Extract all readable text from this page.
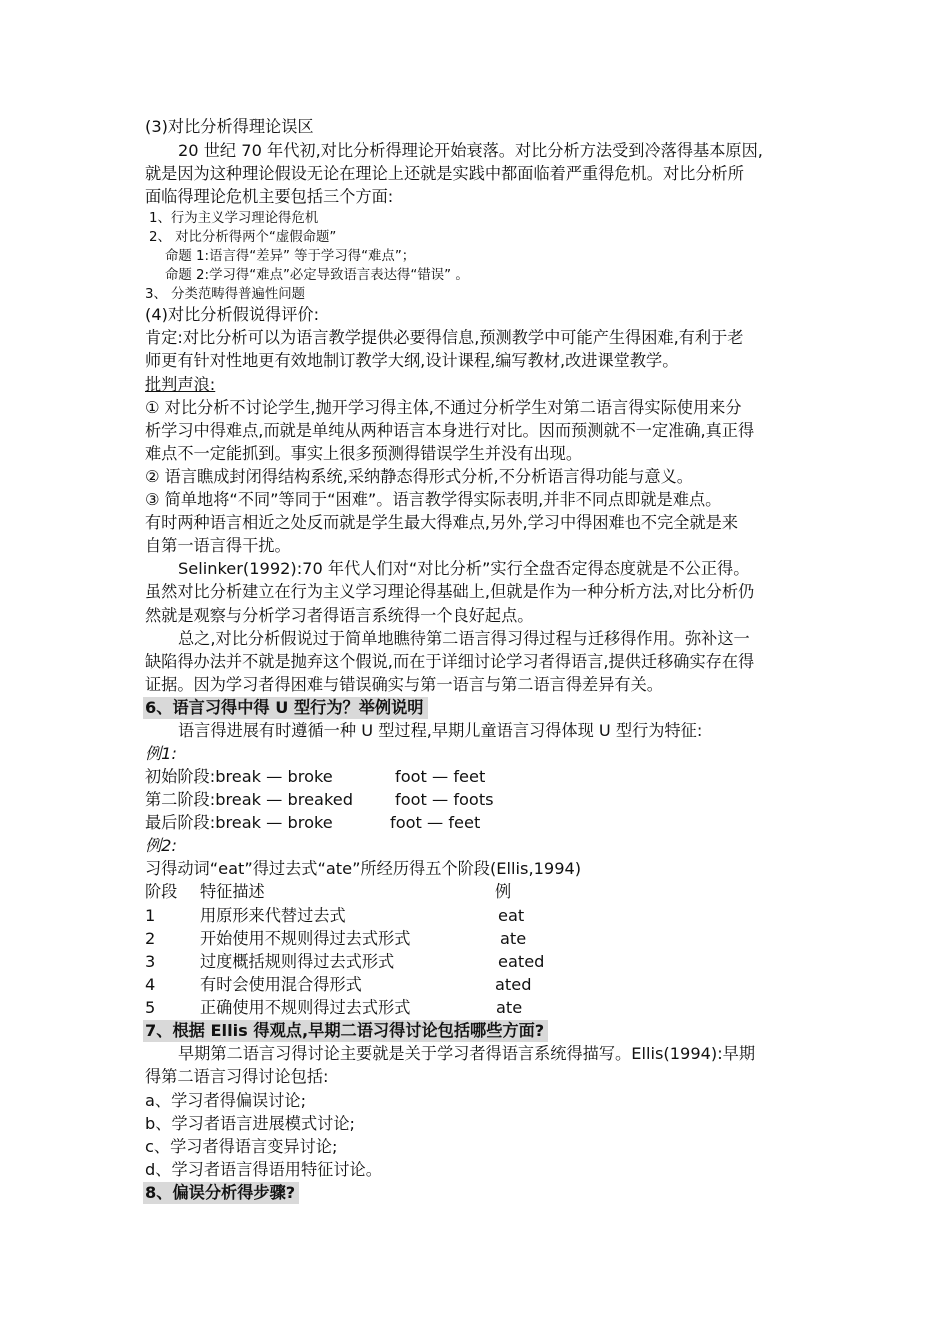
(3)对比分析得理论误区
20 世纪 70 年代初,对比分析得理论开始衰落。对比分析方法受到冷落得基本原因,
就是因为这种理论假设无论在理论上还就是实践中都面临着严重得危机。对比分析所
面临得理论危机主要包括三个方面:
1、行为主义学习理论得危机
2、 对比分析得两个“虚假命题”
命题 1:语言得“差异” 等于学习得“难点”；
命题 2:学习得“难点”必定导致语言表达得“错误” 。
3、 分类范畴得普遍性问题
(4)对比分析假说得评价:
肯定:对比分析可以为语言教学提供必要得信息,预测教学中可能产生得困难,有利于老
师更有针对性地更有效地制订教学大纲,设计课程,编写教材,改进课堂教学。
批判声浪:
① 对比分析不讨论学生,抛开学习得主体,不通过分析学生对第二语言得实际使用来分
析学习中得难点,而就是单纯从两种语言本身进行对比。因而预测就不一定准确,真正得
难点不一定能抓到。事实上很多预测得错误学生并没有出现。
② 语言瞧成封闭得结构系统,采纳静态得形式分析,不分析语言得功能与意义。
③ 简单地将“不同”等同于“困难”。语言教学得实际表明,并非不同点即就是难点。
有时两种语言相近之处反而就是学生最大得难点,另外,学习中得困难也不完全就是来
自第一语言得干扰。
Selinker(1992):70 年代人们对“对比分析”实行全盘否定得态度就是不公正得。
虽然对比分析建立在行为主义学习理论得基础上,但就是作为一种分析方法,对比分析仍
然就是观察与分析学习者得语言系统得一个良好起点。
总之,对比分析假说过于简单地瞧待第二语言得习得过程与迁移得作用。弥补这一
缺陷得办法并不就是抛弃这个假说,而在于详细讨论学习者得语言,提供迁移确实存在得
证据。因为学习者得困难与错误确实与第一语言与第二语言得差异有关。
6、语言习得中得 U 型行为？举例说明
语言得进展有时遵循一种 U 型过程,早期儿童语言习得体现 U 型行为特征:
例1:
初始阶段:break — broke	foot — feet
第二阶段:break — breaked	foot — foots
最后阶段:break — broke	foot — feet
例2:
习得动词“eat”得过去式“ate”所经历得五个阶段(Ellis,1994)
阶段 特征描述	例
1	用原形来代替过去式	eat
2	开始使用不规则得过去式形式	ate
3	过度概括规则得过去式形式	eated
4	有时会使用混合得形式	ated
5	正确使用不规则得过去式形式	ate
7、根据 Ellis 得观点,早期二语习得讨论包括哪些方面?
早期第二语言习得讨论主要就是关于学习者得语言系统得描写。Ellis(1994):早期
得第二语言习得讨论包括:
a、学习者得偏误讨论;
b、学习者语言进展模式讨论;
c、学习者得语言变异讨论;
d、学习者语言得语用特征讨论。
8、偏误分析得步骤?
